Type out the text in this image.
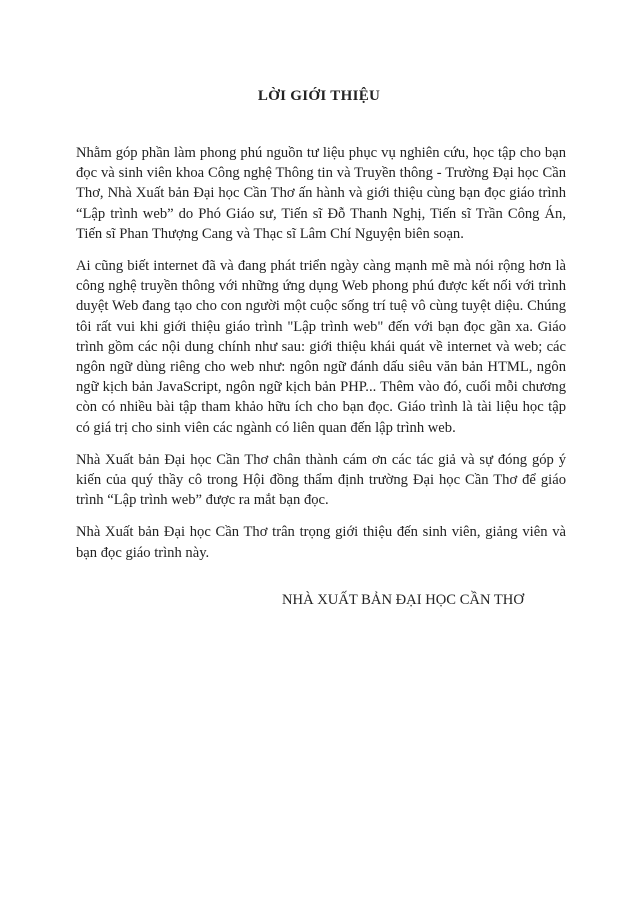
LỜI GIỚI THIỆU

Nhằm góp phần làm phong phú nguồn tư liệu phục vụ nghiên cứu, học tập cho bạn đọc và sinh viên khoa Công nghệ Thông tin và Truyền thông - Trường Đại học Cần Thơ, Nhà Xuất bản Đại học Cần Thơ ấn hành và giới thiệu cùng bạn đọc giáo trình “Lập trình web” do Phó Giáo sư, Tiến sĩ Đỗ Thanh Nghị, Tiến sĩ Trần Công Án, Tiến sĩ Phan Thượng Cang và Thạc sĩ Lâm Chí Nguyện biên soạn.

Ai cũng biết internet đã và đang phát triển ngày càng mạnh mẽ mà nói rộng hơn là công nghệ truyền thông với những ứng dụng Web phong phú được kết nối với trình duyệt Web đang tạo cho con người một cuộc sống trí tuệ vô cùng tuyệt diệu. Chúng tôi rất vui khi giới thiệu giáo trình "Lập trình web" đến với bạn đọc gần xa. Giáo trình gồm các nội dung chính như sau: giới thiệu khái quát về internet và web; các ngôn ngữ dùng riêng cho web như: ngôn ngữ đánh dấu siêu văn bản HTML, ngôn ngữ kịch bản JavaScript, ngôn ngữ kịch bản PHP... Thêm vào đó, cuối mỗi chương còn có nhiều bài tập tham khảo hữu ích cho bạn đọc. Giáo trình là tài liệu học tập có giá trị cho sinh viên các ngành có liên quan đến lập trình web.

Nhà Xuất bản Đại học Cần Thơ chân thành cám ơn các tác giả và sự đóng góp ý kiến của quý thầy cô trong Hội đồng thẩm định trường Đại học Cần Thơ để giáo trình “Lập trình web” được ra mắt bạn đọc.

Nhà Xuất bản Đại học Cần Thơ trân trọng giới thiệu đến sinh viên, giảng viên và bạn đọc giáo trình này.

NHÀ XUẤT BẢN ĐẠI HỌC CẦN THƠ
